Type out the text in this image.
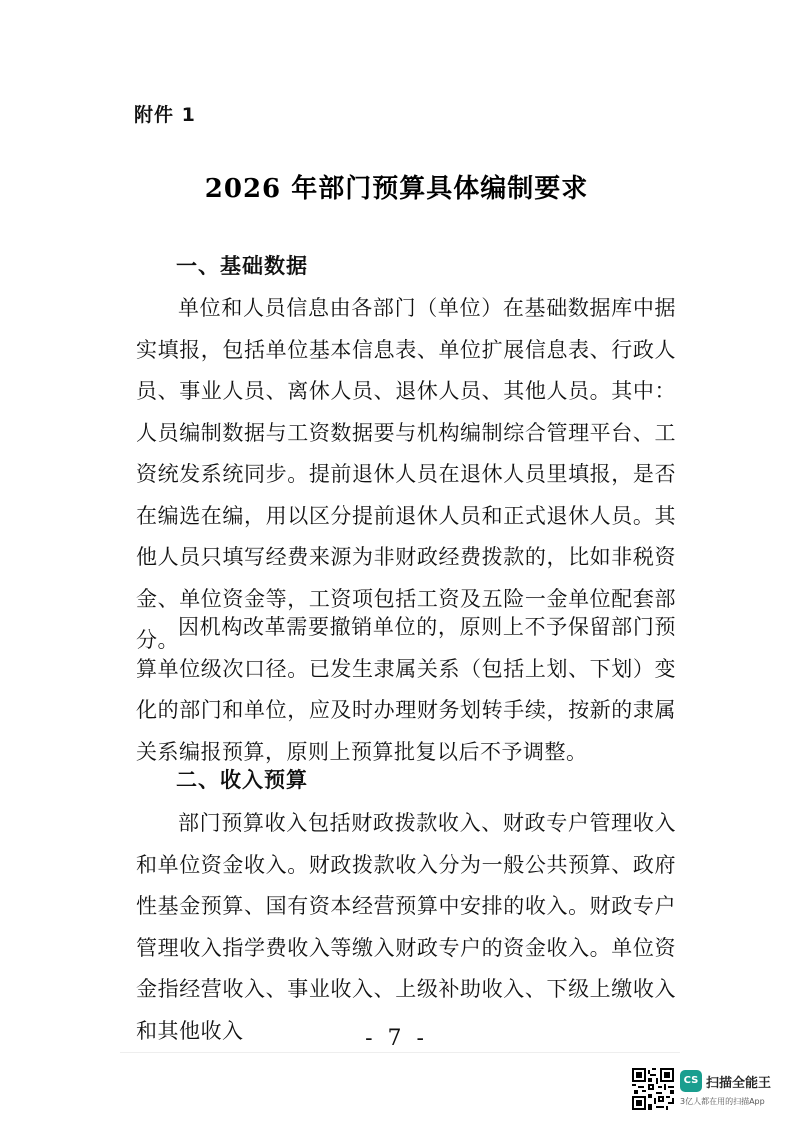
附件 1
2026 年部门预算具体编制要求
一、基础数据
单位和人员信息由各部门（单位）在基础数据库中据实填报，包括单位基本信息表、单位扩展信息表、行政人员、事业人员、离休人员、退休人员、其他人员。其中：人员编制数据与工资数据要与机构编制综合管理平台、工资统发系统同步。提前退休人员在退休人员里填报，是否在编选在编，用以区分提前退休人员和正式退休人员。其他人员只填写经费来源为非财政经费拨款的，比如非税资金、单位资金等，工资项包括工资及五险一金单位配套部分。
因机构改革需要撤销单位的，原则上不予保留部门预算单位级次口径。已发生隶属关系（包括上划、下划）变化的部门和单位，应及时办理财务划转手续，按新的隶属关系编报预算，原则上预算批复以后不予调整。
二、收入预算
部门预算收入包括财政拨款收入、财政专户管理收入和单位资金收入。财政拨款收入分为一般公共预算、政府性基金预算、国有资本经营预算中安排的收入。财政专户管理收入指学费收入等缴入财政专户的资金收入。单位资金指经营收入、事业收入、上级补助收入、下级上缴收入和其他收入	- 7 -
CS 扫描全能王
3亿人都在用的扫描App
